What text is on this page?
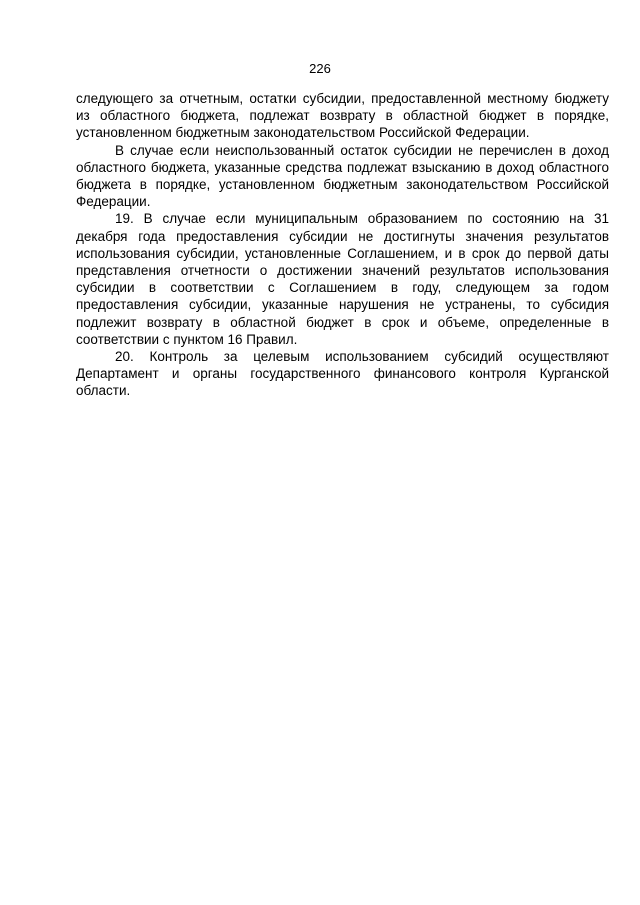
226

следующего за отчетным, остатки субсидии, предоставленной местному бюджету из областного бюджета, подлежат возврату в областной бюджет в порядке, установленном бюджетным законодательством Российской Федерации.

В случае если неиспользованный остаток субсидии не перечислен в доход областного бюджета, указанные средства подлежат взысканию в доход областного бюджета в порядке, установленном бюджетным законодательством Российской Федерации.

19. В случае если муниципальным образованием по состоянию на 31 декабря года предоставления субсидии не достигнуты значения результатов использования субсидии, установленные Соглашением, и в срок до первой даты представления отчетности о достижении значений результатов использования субсидии в соответствии с Соглашением в году, следующем за годом предоставления субсидии, указанные нарушения не устранены, то субсидия подлежит возврату в областной бюджет в срок и объеме, определенные в соответствии с пунктом 16 Правил.

20. Контроль за целевым использованием субсидий осуществляют Департамент и органы государственного финансового контроля Курганской области.
